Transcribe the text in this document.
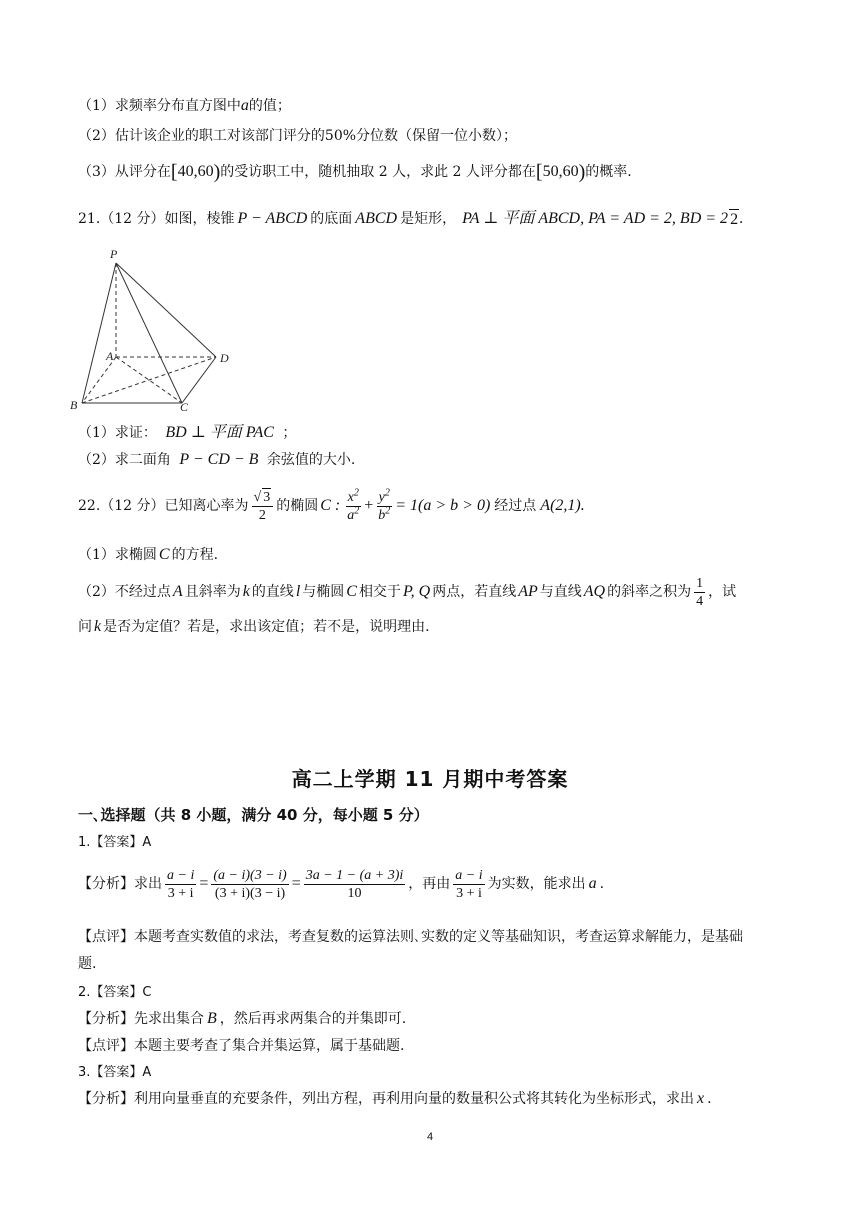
（1）求频率分布直方图中a的值；
（2）估计该企业的职工对该部门评分的50%分位数（保留一位小数）；
（3）从评分在 [ 40,60 ) 的受访职工中，随机抽取 2 人，求此 2 人评分都在 [ 50,60 ) 的概率.
21.（12 分）如图，棱锥 P − ABCD 的底面 ABCD 是矩形， PA ⊥ 平面 ABCD, PA = AD = 2, BD = 2 2 .
P
A
B	C
D
（1）求证： BD ⊥ 平面 PAC ；
（2）求二面角 P − CD − B 余弦值的大小.
22.（12 分）已知离心率为 $\frac{√ 3}{2}$ 的椭圆 C : $\frac{x^2}{a^2} + \frac{y^2}{b^2} = 1(a > b > 0)$ 经过点 A(2,1).
（1）求椭圆 C 的方程.
（2）不经过点 A 且斜率为 k 的直线 l 与椭圆 C 相交于 P, Q 两点，若直线 AP 与直线 AQ 的斜率之积为 $\frac{1}{4}$ ，试
问 k 是否为定值？若是，求出该定值；若不是，说明理由.
高二上学期 11 月期中考答案
一､选择题（共 8 小题，满分 40 分，每小题 5 分）
1.【答案】A
【分析】求出 $\frac{a - i}{3 + i} = \frac{(a - i)(3 - i)}{(3 + i)(3 - i)} = \frac{3a - 1 - (a + 3)i}{10}$ ，再由 $\frac{a - i}{3 + i}$ 为实数，能求出 a .
【点评】本题考查实数值的求法，考查复数的运算法则､实数的定义等基础知识，考查运算求解能力，是基础
题.
2.【答案】C
【分析】先求出集合 B ，然后再求两集合的并集即可.
【点评】本题主要考查了集合并集运算，属于基础题.
3.【答案】A
【分析】利用向量垂直的充要条件，列出方程，再利用向量的数量积公式将其转化为坐标形式，求出 x .
4
